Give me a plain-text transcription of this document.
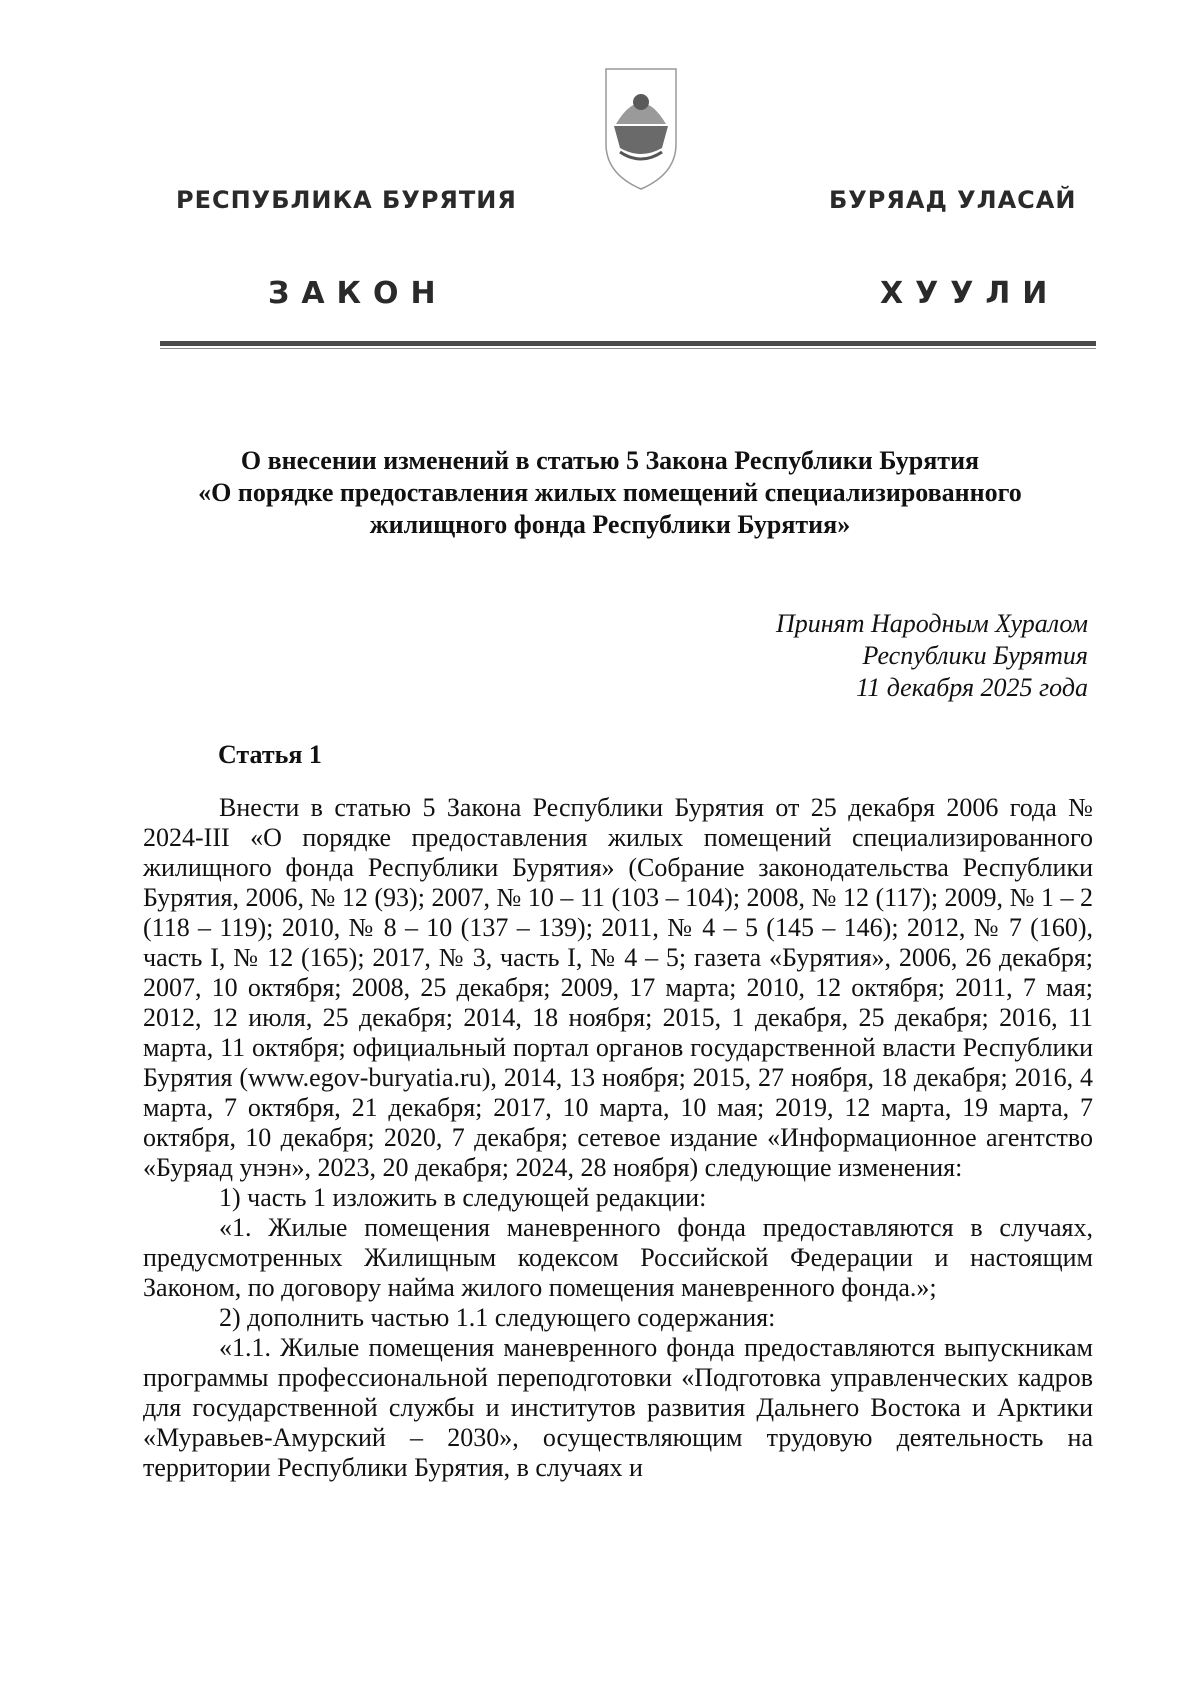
РЕСПУБЛИКА БУРЯТИЯ	БУРЯАД УЛАСАЙ
ЗАКОН	ХУУЛИ
О внесении изменений в статью 5 Закона Республики Бурятия
«О порядке предоставления жилых помещений специализированного
жилищного фонда Республики Бурятия»
Принят Народным Хуралом
Республики Бурятия
11 декабря 2025 года
Статья 1

Внести в статью 5 Закона Республики Бурятия от 25 декабря 2006 года № 2024-III «О порядке предоставления жилых помещений специализированного жилищного фонда Республики Бурятия» (Собрание законодательства Республики Бурятия, 2006, № 12 (93); 2007, № 10 – 11 (103 – 104); 2008, № 12 (117); 2009, № 1 – 2 (118 – 119); 2010, № 8 – 10 (137 – 139); 2011, № 4 – 5 (145 – 146); 2012, № 7 (160), часть I, № 12 (165); 2017, № 3, часть I, № 4 – 5; газета «Бурятия», 2006, 26 декабря; 2007, 10 октября; 2008, 25 декабря; 2009, 17 марта; 2010, 12 октября; 2011, 7 мая; 2012, 12 июля, 25 декабря; 2014, 18 ноября; 2015, 1 декабря, 25 декабря; 2016, 11 марта, 11 октября; официальный портал органов государственной власти Республики Бурятия (www.egov-buryatia.ru), 2014, 13 ноября; 2015, 27 ноября, 18 декабря; 2016, 4 марта, 7 октября, 21 декабря; 2017, 10 марта, 10 мая; 2019, 12 марта, 19 марта, 7 октября, 10 декабря; 2020, 7 декабря; сетевое издание «Информационное агентство «Буряад унэн», 2023, 20 декабря; 2024, 28 ноября) следующие изменения:

1) часть 1 изложить в следующей редакции:

«1. Жилые помещения маневренного фонда предоставляются в случаях, предусмотренных Жилищным кодексом Российской Федерации и настоящим Законом, по договору найма жилого помещения маневренного фонда.»;

2) дополнить частью 1.1 следующего содержания:

«1.1. Жилые помещения маневренного фонда предоставляются выпускникам программы профессиональной переподготовки «Подготовка управленческих кадров для государственной службы и институтов развития Дальнего Востока и Арктики «Муравьев-Амурский – 2030», осуществляющим трудовую деятельность на территории Республики Бурятия, в случаях и
